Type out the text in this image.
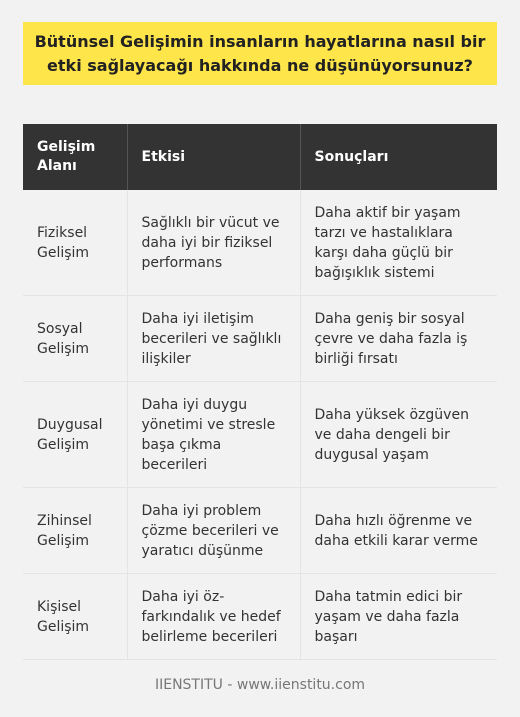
Bütünsel Gelişimin insanların hayatlarına nasıl bir etki sağlayacağı hakkında ne düşünüyorsunuz?
Gelişim Alanı	Etkisi	Sonuçları
Fiziksel Gelişim	Sağlıklı bir vücut ve daha iyi bir fiziksel performans	Daha aktif bir yaşam tarzı ve hastalıklara karşı daha güçlü bir bağışıklık sistemi
Sosyal Gelişim	Daha iyi iletişim becerileri ve sağlıklı ilişkiler	Daha geniş bir sosyal çevre ve daha fazla iş birliği fırsatı
Duygusal Gelişim	Daha iyi duygu yönetimi ve stresle başa çıkma becerileri	Daha yüksek özgüven ve daha dengeli bir duygusal yaşam
Zihinsel Gelişim	Daha iyi problem çözme becerileri ve yaratıcı düşünme	Daha hızlı öğrenme ve daha etkili karar verme
Kişisel Gelişim	Daha iyi öz-farkındalık ve hedef belirleme becerileri	Daha tatmin edici bir yaşam ve daha fazla başarı
IIENSTITU - www.iienstitu.com
